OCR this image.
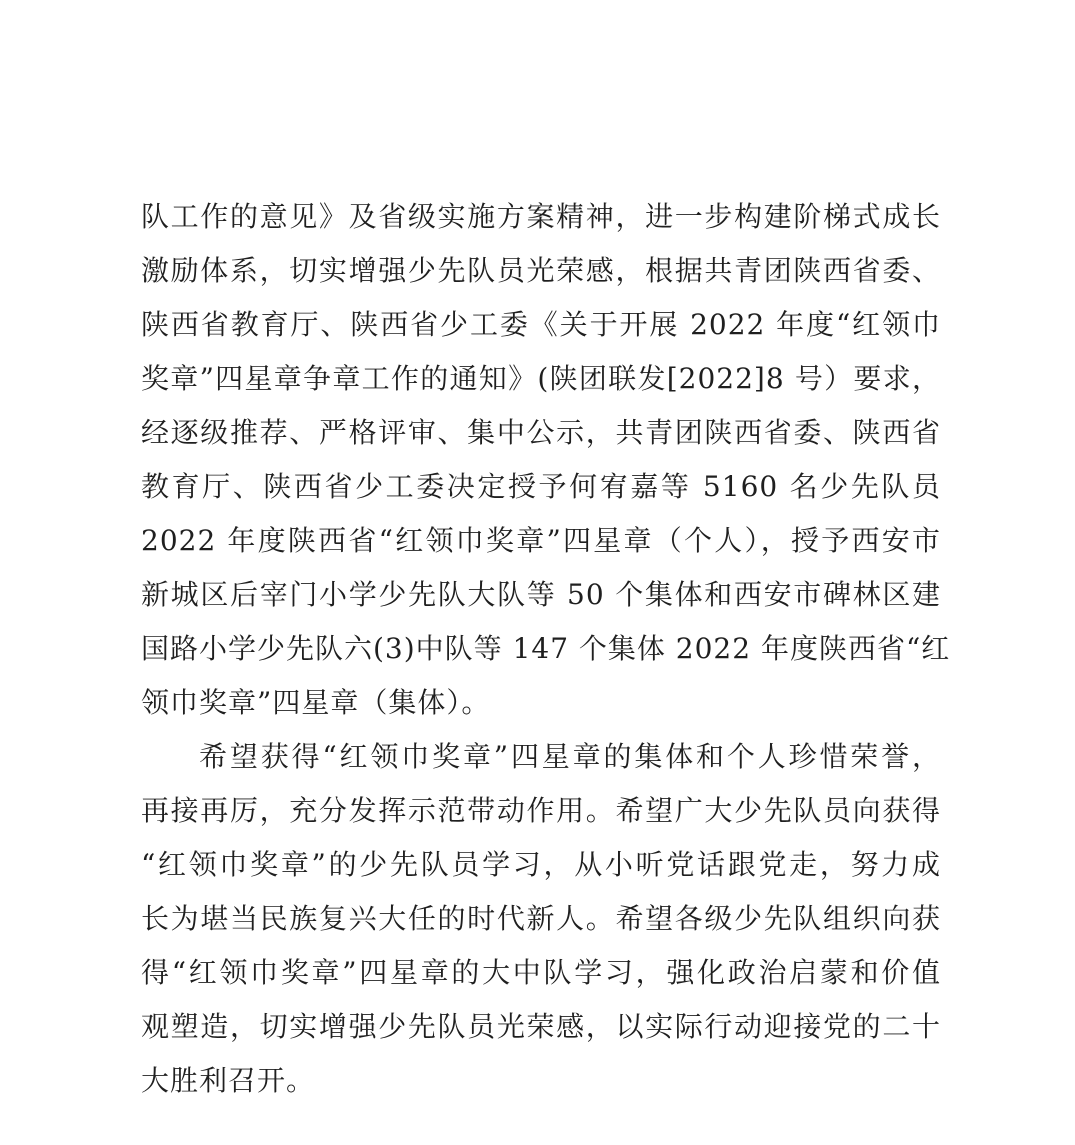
队工作的意见》及省级实施方案精神，进一步构建阶梯式成长
激励体系，切实增强少先队员光荣感，根据共青团陕西省委、
陕西省教育厅、陕西省少工委《关于开展 2022 年度“红领巾
奖章”四星章争章工作的通知》(陕团联发[2022]8 号）要求，
经逐级推荐、严格评审、集中公示，共青团陕西省委、陕西省
教育厅、陕西省少工委决定授予何宥嘉等 5160 名少先队员
2022 年度陕西省“红领巾奖章”四星章（个人），授予西安市
新城区后宰门小学少先队大队等 50 个集体和西安市碑林区建
国路小学少先队六(3)中队等 147 个集体 2022 年度陕西省“红
领巾奖章”四星章（集体）。
希望获得“红领巾奖章”四星章的集体和个人珍惜荣誉，
再接再厉，充分发挥示范带动作用。希望广大少先队员向获得
“红领巾奖章”的少先队员学习，从小听党话跟党走，努力成
长为堪当民族复兴大任的时代新人。希望各级少先队组织向获
得“红领巾奖章”四星章的大中队学习，强化政治启蒙和价值
观塑造，切实增强少先队员光荣感，以实际行动迎接党的二十
大胜利召开。
